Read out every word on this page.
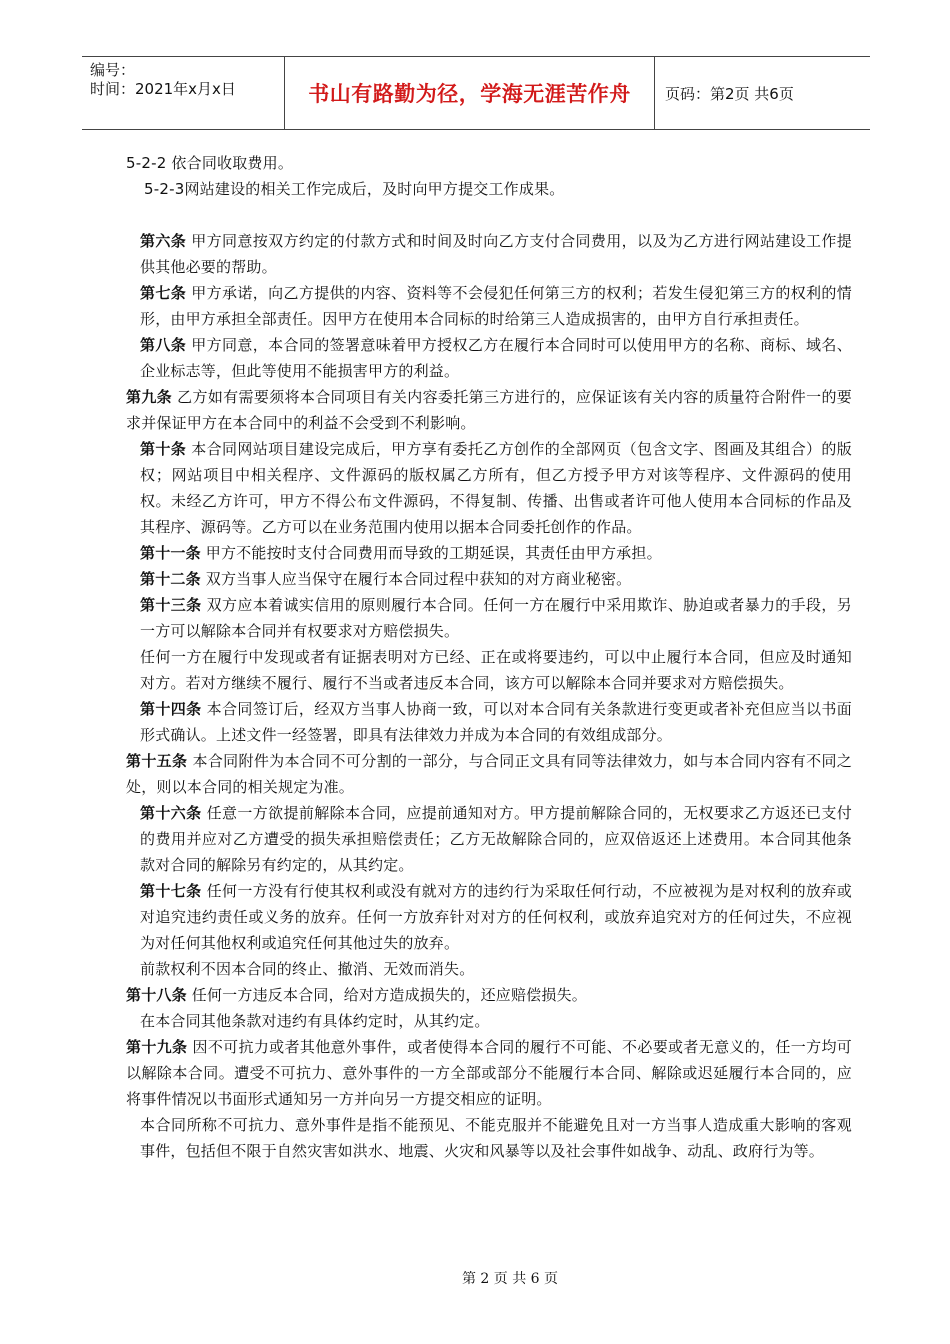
编号：
时间：2021年x月x日	书山有路勤为径，学海无涯苦作舟	页码：第2页 共6页

5-2-2 依合同收取费用。

5-2-3网站建设的相关工作完成后，及时向甲方提交工作成果。

第六条 甲方同意按双方约定的付款方式和时间及时向乙方支付合同费用，以及为乙方进行网站建设工作提供其他必要的帮助。

第七条 甲方承诺，向乙方提供的内容、资料等不会侵犯任何第三方的权利；若发生侵犯第三方的权利的情形，由甲方承担全部责任。因甲方在使用本合同标的时给第三人造成损害的，由甲方自行承担责任。

第八条 甲方同意，本合同的签署意味着甲方授权乙方在履行本合同时可以使用甲方的名称、商标、域名、企业标志等，但此等使用不能损害甲方的利益。

第九条 乙方如有需要须将本合同项目有关内容委托第三方进行的，应保证该有关内容的质量符合附件一的要求并保证甲方在本合同中的利益不会受到不利影响。

第十条 本合同网站项目建设完成后，甲方享有委托乙方创作的全部网页（包含文字、图画及其组合）的版权；网站项目中相关程序、文件源码的版权属乙方所有，但乙方授予甲方对该等程序、文件源码的使用权。未经乙方许可，甲方不得公布文件源码，不得复制、传播、出售或者许可他人使用本合同标的作品及其程序、源码等。乙方可以在业务范围内使用以据本合同委托创作的作品。

第十一条 甲方不能按时支付合同费用而导致的工期延误，其责任由甲方承担。

第十二条 双方当事人应当保守在履行本合同过程中获知的对方商业秘密。

第十三条 双方应本着诚实信用的原则履行本合同。任何一方在履行中采用欺诈、胁迫或者暴力的手段，另一方可以解除本合同并有权要求对方赔偿损失。

任何一方在履行中发现或者有证据表明对方已经、正在或将要违约，可以中止履行本合同，但应及时通知对方。若对方继续不履行、履行不当或者违反本合同，该方可以解除本合同并要求对方赔偿损失。

第十四条 本合同签订后，经双方当事人协商一致，可以对本合同有关条款进行变更或者补充但应当以书面形式确认。上述文件一经签署，即具有法律效力并成为本合同的有效组成部分。

第十五条 本合同附件为本合同不可分割的一部分，与合同正文具有同等法律效力，如与本合同内容有不同之处，则以本合同的相关规定为准。

第十六条 任意一方欲提前解除本合同，应提前通知对方。甲方提前解除合同的，无权要求乙方返还已支付的费用并应对乙方遭受的损失承担赔偿责任；乙方无故解除合同的，应双倍返还上述费用。本合同其他条款对合同的解除另有约定的，从其约定。

第十七条 任何一方没有行使其权利或没有就对方的违约行为采取任何行动，不应被视为是对权利的放弃或对追究违约责任或义务的放弃。任何一方放弃针对对方的任何权利，或放弃追究对方的任何过失，不应视为对任何其他权利或追究任何其他过失的放弃。

前款权利不因本合同的终止、撤消、无效而消失。

第十八条 任何一方违反本合同，给对方造成损失的，还应赔偿损失。

在本合同其他条款对违约有具体约定时，从其约定。

第十九条 因不可抗力或者其他意外事件，或者使得本合同的履行不可能、不必要或者无意义的，任一方均可以解除本合同。遭受不可抗力、意外事件的一方全部或部分不能履行本合同、解除或迟延履行本合同的，应将事件情况以书面形式通知另一方并向另一方提交相应的证明。

本合同所称不可抗力、意外事件是指不能预见、不能克服并不能避免且对一方当事人造成重大影响的客观事件，包括但不限于自然灾害如洪水、地震、火灾和风暴等以及社会事件如战争、动乱、政府行为等。

第 2 页 共 6 页
